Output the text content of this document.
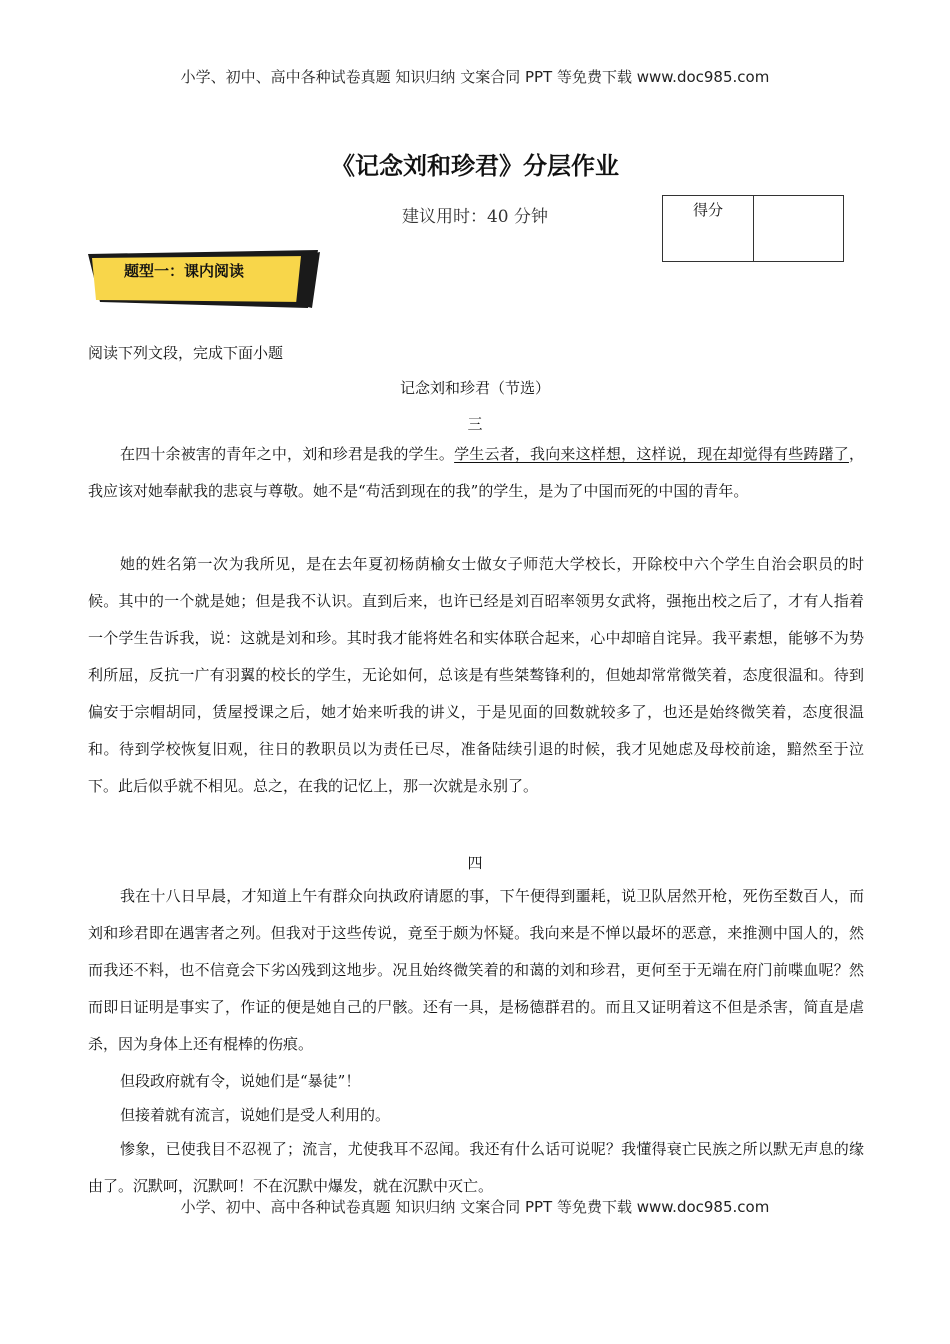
小学、初中、高中各种试卷真题 知识归纳 文案合同 PPT 等免费下载 www.doc985.com
《记念刘和珍君》分层作业
建议用时：40 分钟	得分
题型一：课内阅读
阅读下列文段，完成下面小题
记念刘和珍君（节选）
三

在四十余被害的青年之中，刘和珍君是我的学生。学生云者，我向来这样想，这样说，现在却觉得有些踌躇了，我应该对她奉献我的悲哀与尊敬。她不是“苟活到现在的我”的学生，是为了中国而死的中国的青年。

她的姓名第一次为我所见，是在去年夏初杨荫榆女士做女子师范大学校长，开除校中六个学生自治会职员的时候。其中的一个就是她；但是我不认识。直到后来，也许已经是刘百昭率领男女武将，强拖出校之后了，才有人指着一个学生告诉我，说：这就是刘和珍。其时我才能将姓名和实体联合起来，心中却暗自诧异。我平素想，能够不为势利所屈，反抗一广有羽翼的校长的学生，无论如何，总该是有些桀骜锋利的，但她却常常微笑着，态度很温和。待到偏安于宗帽胡同，赁屋授课之后，她才始来听我的讲义，于是见面的回数就较多了，也还是始终微笑着，态度很温和。待到学校恢复旧观，往日的教职员以为责任已尽，准备陆续引退的时候，我才见她虑及母校前途，黯然至于泣下。此后似乎就不相见。总之，在我的记忆上，那一次就是永别了。

四

我在十八日早晨，才知道上午有群众向执政府请愿的事，下午便得到噩耗，说卫队居然开枪，死伤至数百人，而刘和珍君即在遇害者之列。但我对于这些传说，竟至于颇为怀疑。我向来是不惮以最坏的恶意，来推测中国人的，然而我还不料，也不信竟会下劣凶残到这地步。况且始终微笑着的和蔼的刘和珍君，更何至于无端在府门前喋血呢？然而即日证明是事实了，作证的便是她自己的尸骸。还有一具，是杨德群君的。而且又证明着这不但是杀害，简直是虐杀，因为身体上还有棍棒的伤痕。

但段政府就有令，说她们是“暴徒”！

但接着就有流言，说她们是受人利用的。

惨象，已使我目不忍视了；流言，尤使我耳不忍闻。我还有什么话可说呢？我懂得衰亡民族之所以默无声息的缘由了。沉默呵，沉默呵！不在沉默中爆发，就在沉默中灭亡。

小学、初中、高中各种试卷真题 知识归纳 文案合同 PPT 等免费下载 www.doc985.com
